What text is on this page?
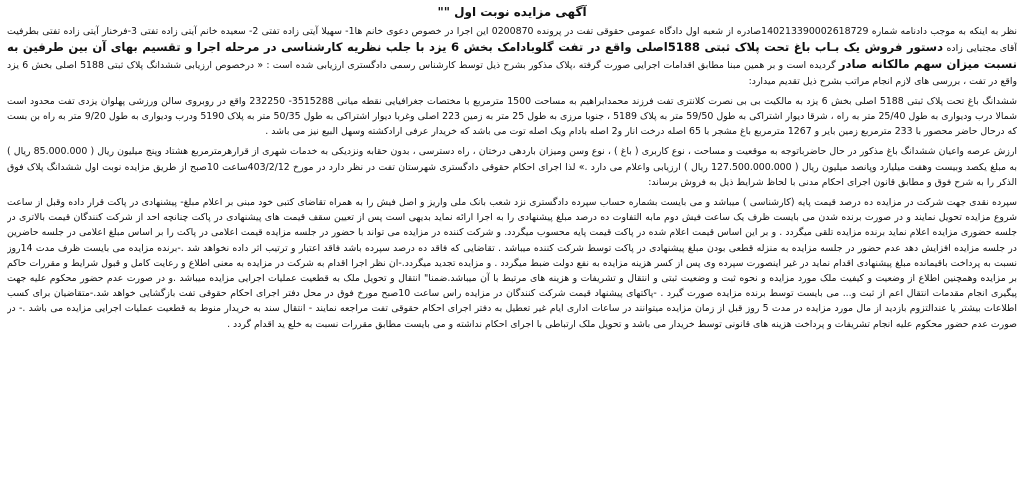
آگهی مزایده نوبت اول ""

نظر به اینکه به موجب دادنامه شماره 140213390002618729صادره از شعبه اول دادگاه عمومی حقوقی تفت در پرونده 0200870 این اجرا در خصوص دعوی خانم ها1- سهیلا آیتی زاده تفتی 2- سعیده خانم آیتی زاده تفتی 3-فرخنار آیتی زاده تفتی بطرفیت آقای مجتبایی زاده دستور فروش یک بـاب باغ تحت پلاک ثبتی 5188اصلی واقع در تفت گلوبادامک بخش 6 یزد با جلب نظریه کارشناسی در مرحله اجرا و تقسیم بهای آن بین طرفین به نسبت میزان سهم مالکانه صادر گردیده است و بر همین مبنا مطابق اقدامات اجرایی صورت گرفته ،پلاک مذکور بشرح ذیل توسط کارشناس رسمی دادگستری ارزیابی شده است : « درخصوص ارزیابی ششدانگ پلاک ثبتی 5188 اصلی بخش 6 یزد واقع در تفت ، بررسی های لازم انجام مراتب بشرح ذیل تقدیم میدارد:

ششدانگ باغ تحت پلاک ثبتی 5188 اصلی بخش 6 یزد به مالکیت بی بی نصرت کلانتری تفت فرزند محمدابراهیم به مساحت 1500 مترمربع با مختصات جغرافیایی نقطه میانی 3515288- 232250 واقع در روبروی سالن ورزشی پهلوان یزدی تفت محدود است شمالا درب ودیواری به طول 25/40 متر به راه ، شرقا دیوار اشتراکی به طول 59/50 متر به پلاک 5189 ، جنوبا مرزی به طول 25 متر به زمین 223 اصلی وغربا دیوار اشتراکی به طول 50/35 متر به پلاک 5190 ودرب ودیواری به طول 9/20 متر به راه بن بست که درحال حاضر محصور با 233 مترمربع زمین بایر و 1267 مترمربع باغ مشجر با 65 اصله درخت انار و2 اصله بادام ویک اصله توت می باشد که خریدار عرفی ارادکشته وسهل البیع نیز می باشد .

ارزش عرصه واعیان ششدانگ باغ مذکور در حال حاضرباتوجه به موقعیت و مساحت ، نوع کاربری ( باغ ) ، نوع وسن ومیزان باردهی درختان ، راه دسترسی ، بدون حقابه ونزدیکی به خدمات شهری از قرارهرمترمربع هشتاد وپنج میلیون ریال ( 85.000.000 ریال ) به مبلغ یکصد وبیست وهفت میلیارد وپانصد میلیون ریال ( 127.500.000.000 ریال ) ارزیابی واعلام می دارد .» لذا اجرای احکام حقوقی دادگستری شهرستان تفت در نظر دارد در مورخ 403/2/12ساعت 10صبح از طریق مزایده نوبت اول ششدانگ پلاک فوق الذکر را به شرح فوق و مطابق قانون اجرای احکام مدنی با لحاظ شرایط ذیل به فروش برساند:

سپرده نقدی جهت شرکت در مزایده ده درصد قیمت پایه (کارشناسی ) میباشد و می بایست بشماره حساب سپرده دادگستری نزد شعب بانک ملی واریز و اصل فیش را به همراه تقاضای کتبی خود مبنی بر اعلام مبلغ- پیشنهادی در پاکت قرار داده وقبل از ساعت شروع مزایده تحویل نمایند و در صورت برنده شدن می بایست ظرف یک ساعت فیش دوم مابه التفاوت ده درصد مبلغ پیشنهادی را به اجرا ارائه نماید بدیهی است پس از تعیین سقف قیمت های پیشنهادی در پاکت چنانچه احد از شرکت کنندگان قیمت بالاتری در جلسه حضوری مزایده اعلام نماید برنده مزایده تلقی میگردد . و بر این اساس قیمت اعلام شده در پاکت قیمت پایه محسوب میگردد. و شرکت کننده در مزایده می تواند با حضور در جلسه مزایده قیمت اعلامی در پاکت را بر اساس مبلغ اعلامی در جلسه حاضرین در جلسه مزایده افزایش دهد عدم حضور در جلسه مزایده به منزله قطعی بودن مبلغ پیشنهادی در پاکت توسط شرکت کننده میباشد . تقاضایی که فاقد ده درصد سپرده باشد فاقد اعتبار و ترتیب اثر داده نخواهد شد .-برنده مزایده می بایست ظرف مدت 14روز نسبت به پرداخت باقیمانده مبلغ پیشنهادی اقدام نماید در غیر اینصورت سپرده وی پس از کسر هزینه مزایده به نفع دولت ضبط میگردد . و مزایده تجدید میگردد.-ان نظر اجرا اقدام به شرکت در مزایده به معنی اطلاع و رعایت کامل و قبول شرایط و مقررات حاکم بر مزایده وهمچنین اطلاع از وضعیت و کیفیت ملک مورد مزایده و نحوه ثبت و وضعیت ثبتی و انتقال و تشریفات و هزینه های مرتبط با آن میباشد.ضمنا" انتقال و تحویل ملک به قطعیت عملیات اجرایی مزایده میباشد .و در صورت عدم حضور محکوم علیه جهت پیگیری انجام مقدمات انتقال اعم از ثبت و... می بایست توسط برنده مزایده صورت گیرد . -پاکتهای پیشنهاد قیمت شرکت کنندگان در مزایده راس ساعت 10صبح مورخ فوق در محل دفتر اجرای احکام حقوقی تفت بازگشایی خواهد شد.-متقاضیان برای کسب اطلاعات بیشتر یا عندالتزوم بازدید از مال مورد مزایده در مدت 5 روز قبل از زمان مزایده میتوانند در ساعات اداری ایام غیر تعطیل به دفتر اجرای احکام حقوقی تفت مراجعه نمایند - انتقال سند به خریدار منوط به قطعیت عملیات اجرایی مزایده می باشد .- در صورت عدم حضور محکوم علیه انجام تشریفات و پرداخت هزینه های قانونی توسط خریدار می باشد و تحویل ملک ارتباطی با اجرای احکام نداشته و می بایست مطابق مقررات نسبت به خلع ید اقدام گردد .
